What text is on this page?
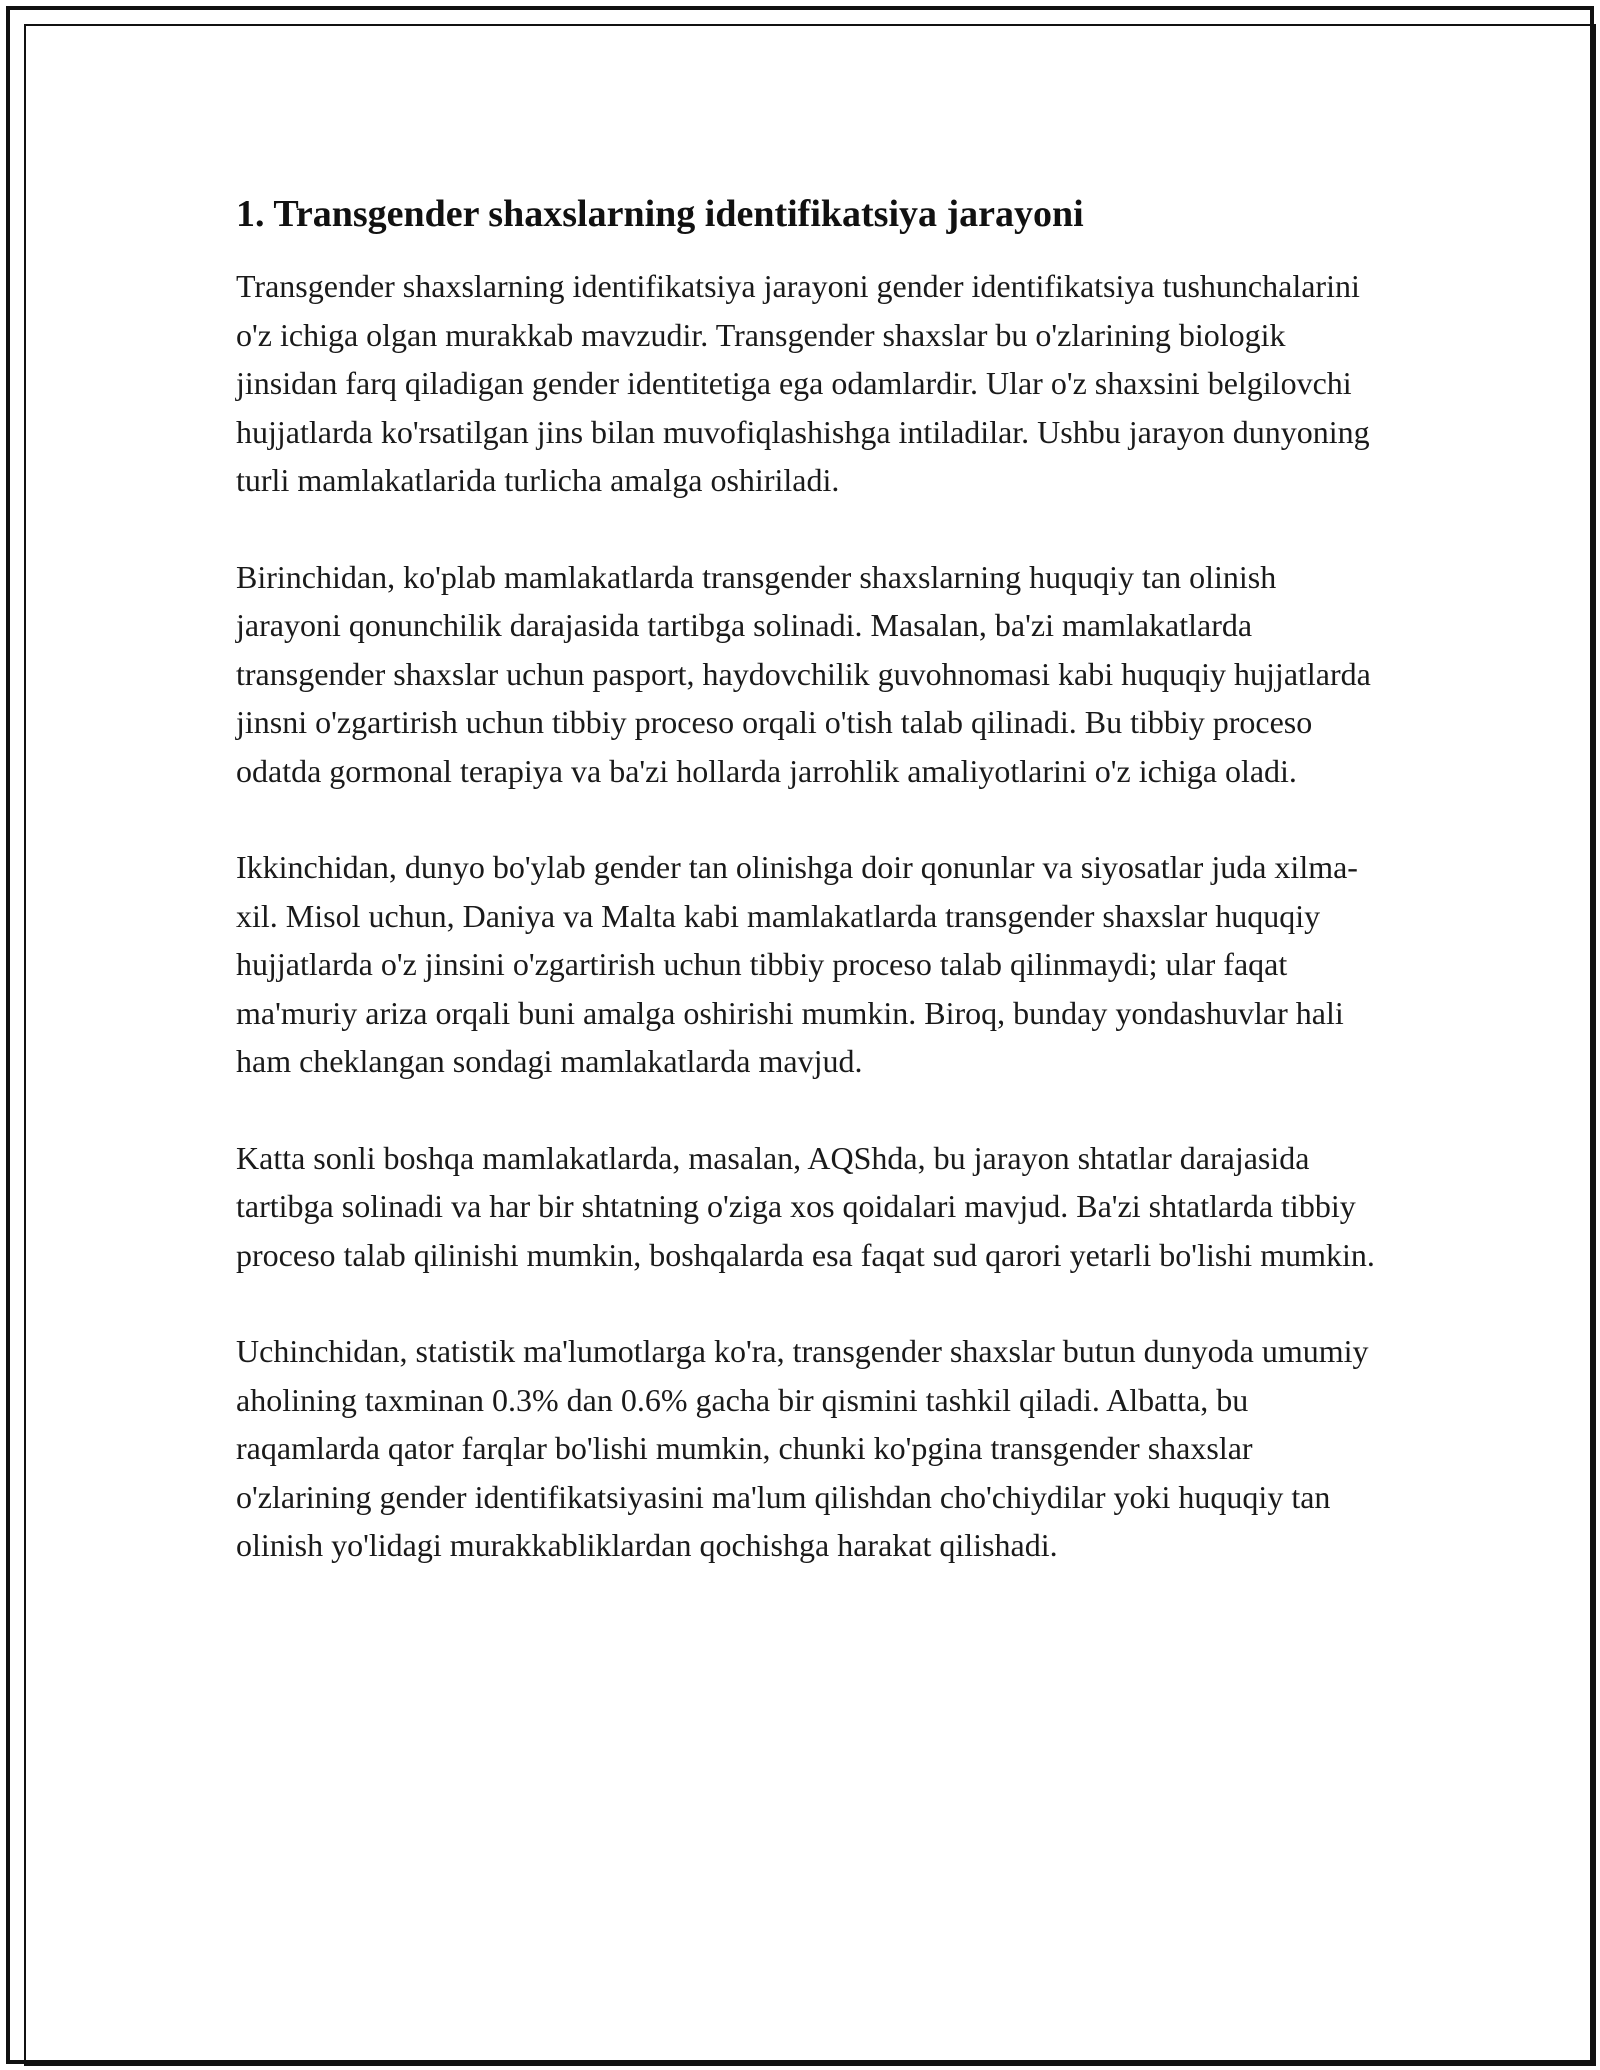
1. Transgender shaxslarning identifikatsiya jarayoni

Transgender shaxslarning identifikatsiya jarayoni gender identifikatsiya tushunchalarini o'z ichiga olgan murakkab mavzudir. Transgender shaxslar bu o'zlarining biologik jinsidan farq qiladigan gender identitetiga ega odamlardir. Ular o'z shaxsini belgilovchi hujjatlarda ko'rsatilgan jins bilan muvofiqlashishga intiladilar. Ushbu jarayon dunyoning turli mamlakatlarida turlicha amalga oshiriladi.

Birinchidan, ko'plab mamlakatlarda transgender shaxslarning huquqiy tan olinish jarayoni qonunchilik darajasida tartibga solinadi. Masalan, ba'zi mamlakatlarda transgender shaxslar uchun pasport, haydovchilik guvohnomasi kabi huquqiy hujjatlarda jinsni o'zgartirish uchun tibbiy proceso orqali o'tish talab qilinadi. Bu tibbiy proceso odatda gormonal terapiya va ba'zi hollarda jarrohlik amaliyotlarini o'z ichiga oladi.

Ikkinchidan, dunyo bo'ylab gender tan olinishga doir qonunlar va siyosatlar juda xilma-xil. Misol uchun, Daniya va Malta kabi mamlakatlarda transgender shaxslar huquqiy hujjatlarda o'z jinsini o'zgartirish uchun tibbiy proceso talab qilinmaydi; ular faqat ma'muriy ariza orqali buni amalga oshirishi mumkin. Biroq, bunday yondashuvlar hali ham cheklangan sondagi mamlakatlarda mavjud.

Katta sonli boshqa mamlakatlarda, masalan, AQShda, bu jarayon shtatlar darajasida tartibga solinadi va har bir shtatning o'ziga xos qoidalari mavjud. Ba'zi shtatlarda tibbiy proceso talab qilinishi mumkin, boshqalarda esa faqat sud qarori yetarli bo'lishi mumkin.

Uchinchidan, statistik ma'lumotlarga ko'ra, transgender shaxslar butun dunyoda umumiy aholining taxminan 0.3% dan 0.6% gacha bir qismini tashkil qiladi. Albatta, bu raqamlarda qator farqlar bo'lishi mumkin, chunki ko'pgina transgender shaxslar o'zlarining gender identifikatsiyasini ma'lum qilishdan cho'chiydilar yoki huquqiy tan olinish yo'lidagi murakkabliklardan qochishga harakat qilishadi.
